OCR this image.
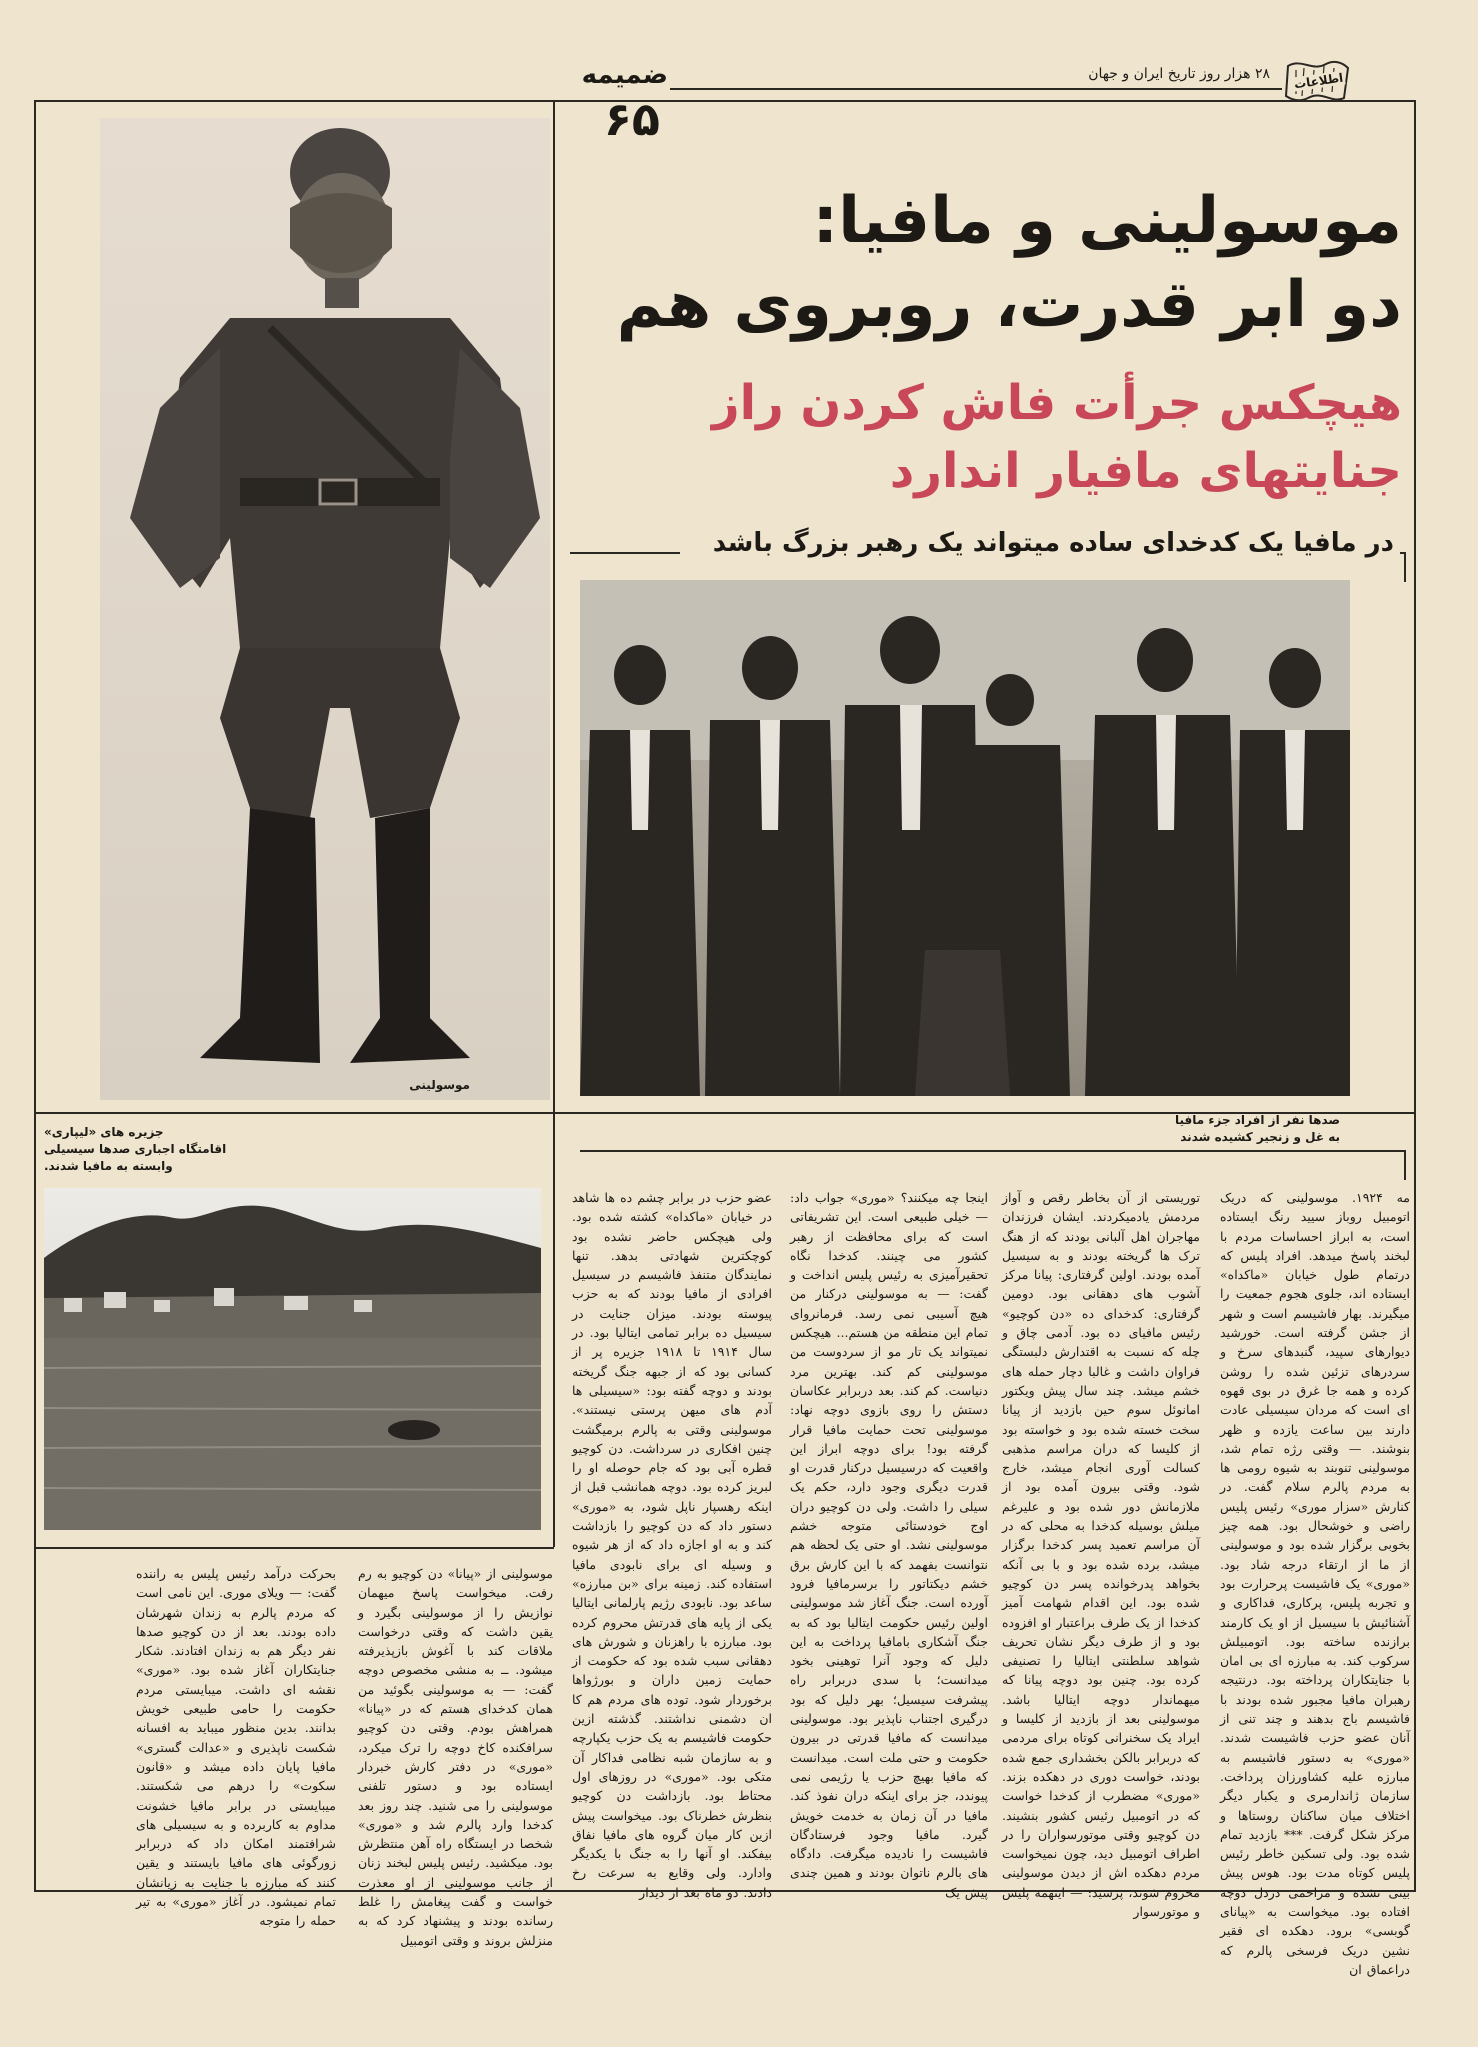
اطلاعات
۲۸ هزار روز تاریخ ایران و جهان
ضمیمه
۶۵
موسولینی
موسولینی و مافیا:
دو ابر قدرت، روبروی هم
هیچکس جرأت فاش کردن راز
جنایتهای مافیار اندارد
در مافیا یک کدخدای ساده میتواند یک رهبر بزرگ باشد
صدها نفر از افراد جزء مافیا
به غل و زنجیر کشیده شدند
جزیره های «لیپاری»
اقامتگاه اجباری صدها سیسیلی
وابسته به مافیا شدند.
مه ۱۹۲۴. موسولینی که دریک اتومبیل روباز سیید رنگ ایستاده است، به ابراز احساسات مردم با لبخند پاسخ میدهد. افراد پلیس که درتمام طول خیابان «ماکداه» ایستاده اند، جلوی هجوم جمعیت را میگیرند. بهار فاشیسم است و شهر از جشن گرفته است. خورشید دیوارهای سپید، گنبدهای سرخ و سردرهای تزئین شده را روشن کرده و همه جا غرق در بوی قهوه ای است که مردان سیسیلی عادت دارند بین ساعت یازده و ظهر بنوشند. — وقتی رژه تمام شد، موسولینی تنوبند به شیوه رومی ها به مردم پالرم سلام گفت. در کنارش «سزار موری» رئیس پلیس راضی و خوشحال بود. همه چیز بخوبی برگزار شده بود و موسولینی از ما از ارتقاء درجه شاد بود. «موری» یک فاشیست پرحرارت بود و تجربه پلیس، پرکاری، فداکاری و آشنائیش با سیسیل از او یک کارمند برازنده ساخته بود. اتومبیلش سرکوب کند. به مبارزه ای بی امان با جنایتکاران پرداخته بود. درنتیجه رهبران مافیا مجبور شده بودند با فاشیسم باج بدهند و چند تنی از آنان عضو حزب فاشیست شدند. «موری» به دستور فاشیسم به مبارزه علیه کشاورزان پرداخت. سازمان ژاندارمری و یکبار دیگر اختلاف میان ساکنان روستاها و مرکز شکل گرفت. *** بازدید تمام شده بود. ولی تسکین خاطر رئیس پلیس کوتاه مدت بود. هوس پیش بینی نشده و مزاحمی دردل دوچه افتاده بود. میخواست به «پیانای گوبسی» برود. دهکده ای فقیر نشین دریک فرسخی پالرم که دراعماق ان
توریستی از آن بخاطر رقص و آواز مردمش یادمیکردند. ایشان فرزندان مهاجران اهل آلبانی بودند که از هنگ ترک ها گریخته بودند و به سیسیل آمده بودند. اولین گرفتاری: پیانا مرکز آشوب های دهقانی بود. دومین گرفتاری: کدخدای ده «دن کوچیو» رئیس مافیای ده بود. آدمی چاق و چله که نسبت به اقتدارش دلبستگی فراوان داشت و غالبا دچار حمله های خشم میشد. چند سال پیش ویکتور امانوئل سوم حین بازدید از پیانا سخت خسته شده بود و خواسته بود از کلیسا که دران مراسم مذهبی کسالت آوری انجام میشد، خارج شود. وقتی بیرون آمده بود از ملازمانش دور شده بود و علیرغم میلش بوسیله کدخدا به محلی که در آن مراسم تعمید پسر کدخدا برگزار میشد، برده شده بود و با بی آنکه بخواهد پدرخوانده پسر دن کوچیو شده بود. این اقدام شهامت آمیز کدخدا از یک طرف براعتبار او افزوده بود و از طرف دیگر نشان تحریف شواهد سلطنتی ایتالیا را تصنیفی کرده بود. چنین بود دوچه پیانا که میهماندار دوچه ایتالیا باشد. موسولینی بعد از بازدید از کلیسا و ایراد یک سخنرانی کوتاه برای مردمی که دربرابر بالکن بخشداری جمع شده بودند، خواست دوری در دهکده بزند. «موری» مضطرب از کدخدا خواست که در اتومبیل رئیس کشور بنشیند. دن کوچیو وقتی موتورسواران را در اطراف اتومبیل دید، چون نمیخواست مردم دهکده اش از دیدن موسولینی محروم شوند، پرسید: — اینهمه پلیس و موتورسوار
اینجا چه میکنند؟ «موری» جواب داد: — خیلی طبیعی است. این تشریفاتی است که برای محافظت از رهبر کشور می چینند. کدخدا نگاه تحقیرآمیزی به رئیس پلیس انداخت و گفت: — به موسولینی درکنار من هیچ آسیبی نمی رسد. فرمانروای تمام این منطقه من هستم... هیچکس نمیتواند یک تار مو از سردوست من موسولینی کم کند. بهترین مرد دنیاست. کم کند. بعد دربرابر عکاسان دستش را روی بازوی دوچه نهاد: موسولینی تحت حمایت مافیا قرار گرفته بود! برای دوچه ابراز این واقعیت که درسیسیل درکنار قدرت او قدرت دیگری وجود دارد، حکم یک سیلی را داشت. ولی دن کوچیو دران اوج خودستائی متوجه خشم موسولینی نشد. او حتی یک لحظه هم نتوانست بفهمد که با این کارش برق خشم دیکتاتور را برسرمافیا فرود آورده است. جنگ آغاز شد موسولینی اولین رئیس حکومت ایتالیا بود که به جنگ آشکاری بامافیا پرداخت به این دلیل که وجود آنرا توهینی بخود میدانست؛ با سدی دربرابر راه پیشرفت سیسیل؛ بهر دلیل که بود درگیری اجتناب ناپذیر بود. موسولینی میدانست که مافیا قدرتی در بیرون حکومت و حتی ملت است. میدانست که مافیا بهیچ حزب یا رژیمی نمی پیوندد، جز برای اینکه دران نفوذ کند. مافیا در آن زمان به خدمت خویش گیرد. مافیا وجود فرستادگان فاشیست را نادیده میگرفت. دادگاه های بالرم ناتوان بودند و همین چندی پیش یک
عضو حزب در برابر چشم ده ها شاهد در خیابان «ماکداه» کشته شده بود. ولی هیچکس حاضر نشده بود کوچکترین شهادتی بدهد. تنها نمایندگان متنفذ فاشیسم در سیسیل افرادی از مافیا بودند که به حزب پیوسته بودند. میزان جنایت در سیسیل ده برابر تمامی ایتالیا بود. در سال ۱۹۱۴ تا ۱۹۱۸ جزیره پر از کسانی بود که از جبهه جنگ گریخته بودند و دوچه گفته بود: «سیسیلی ها آدم های میهن پرستی نیستند». موسولینی وقتی به پالرم برمیگشت چنین افکاری در سرداشت. دن کوچیو قطره آبی بود که جام حوصله او را لبریز کرده بود. دوچه همانشب قبل از اینکه رهسپار ناپل شود، به «موری» دستور داد که دن کوچیو را بازداشت کند و به او اجازه داد که از هر شیوه و وسیله ای برای نابودی مافیا استفاده کند. زمینه برای «بن مبارزه» ساعد بود. نابودی رژیم پارلمانی ایتالیا یکی از پایه های قدرتش محروم کرده بود. مبارزه با راهزنان و شورش های دهقانی سبب شده بود که حکومت از حمایت زمین داران و بورژواها برخوردار شود. توده های مردم هم کا ان دشمنی نداشتند. گذشته ازین حکومت فاشیسم به یک حزب یکپارچه و به سازمان شبه نظامی فداکار آن متکی بود. «موری» در روزهای اول محتاط بود. بازداشت دن کوچیو بنظرش خطرناک بود. میخواست پیش ازین کار میان گروه های مافیا نفاق بیفکند. او آنها را به جنگ با یکدیگر وادارد. ولی وقایع به سرعت رخ دادند. دو ماه بعد از دیدار
موسولینی از «پیانا» دن کوچیو به رم رفت. میخواست پاسخ میهمان نوازیش را از موسولینی بگیرد و یقین داشت که وقتی درخواست ملاقات کند با آغوش بازپذیرفته میشود. ــ به منشی مخصوص دوچه گفت: — به موسولینی بگوئید من همان کدخدای هستم که در «پیانا» همراهش بودم. وقتی دن کوچیو سرافکنده کاخ دوچه را ترک میکرد، «موری» در دفتر کارش خبردار ایستاده بود و دستور تلفنی موسولینی را می شنید. چند روز بعد کدخدا وارد پالرم شد و «موری» شخصا در ایستگاه راه آهن منتظرش بود. میکشید. رئیس پلیس لبخند زنان از جانب موسولینی از او معذرت خواست و گفت پیغامش را غلط رسانده بودند و پیشنهاد کرد که به منزلش بروند و وقتی اتومبیل
بحرکت درآمد رئیس پلیس به راننده گفت: — ویلای موری. این نامی است که مردم پالرم به زندان شهرشان داده بودند. بعد از دن کوچیو صدها نفر دیگر هم به زندان افتادند. شکار جنایتکاران آغاز شده بود. «موری» نقشه ای داشت. میبایستی مردم حکومت را حامی طبیعی خویش بدانند. بدین منظور میباید به افسانه شکست ناپذیری و «عدالت گستری» مافیا پایان داده میشد و «قانون سکوت» را درهم می شکستند. میبایستی در برابر مافیا خشونت مداوم به کاربرده و به سیسیلی های شرافتمند امکان داد که دربرابر زورگوئی های مافیا بایستند و یقین کنند که مبارزه با جنایت به زیانشان تمام نمیشود. در آغاز «موری» به تیر حمله را متوجه
